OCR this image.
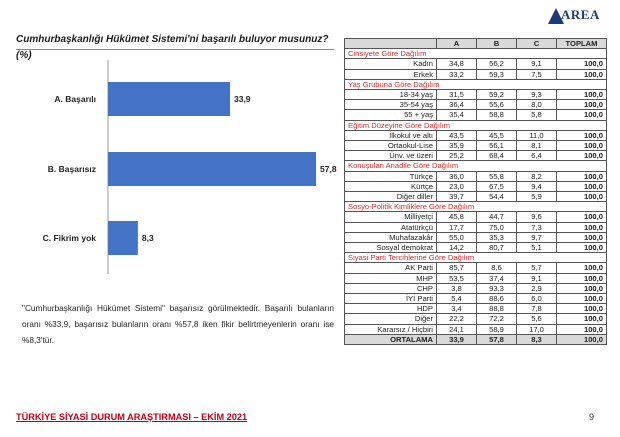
AREA
Cumhurbaşkanlığı Hükümet Sistemi'ni başarılı buluyor musunuz? (%)
A. Başarılı	33,9
B. Başarısız	57,8
C. Fikrim yok	8,3
"Cumhurbaşkanlığı Hükümet Sistemi" başarısız görülmektedir. Başarılı bulanların oranı %33,9, başarısız bulanların oranı %57,8 iken fikir belirtmeyenlerin oranı ise %8,3'tür.
	A	B	C	TOPLAM
Cinsiyete Göre Dağılım				
Kadın	34,8	56,2	9,1	100,0
Erkek	33,2	59,3	7,5	100,0
Yaş Grubuna Göre Dağılım				
18-34 yaş	31,5	59,2	9,3	100,0
35-54 yaş	36,4	55,6	8,0	100,0
55 + yaş	35,4	58,8	5,8	100,0
Eğitim Düzeyine Göre Dağılım				
İlkokul ve altı	43,5	45,5	11,0	100,0
Ortaokul-Lise	35,9	56,1	8,1	100,0
Ünv. ve üzeri	25,2	68,4	6,4	100,0
Konuşulan Anadile Göre Dağılım				
Türkçe	36,0	55,8	8,2	100,0
Kürtçe	23,0	67,5	9,4	100,0
Diğer diller	39,7	54,4	5,9	100,0
Sosyo-Politik Kimliklere Göre Dağılım				
Milliyetçi	45,8	44,7	9,6	100,0
Atatürkçü	17,7	75,0	7,3	100,0
Muhafazakâr	55,0	35,3	9,7	100,0
Sosyal demokrat	14,2	80,7	5,1	100,0
Siyasi Parti Tercihlerine Göre Dağılım				
AK Parti	85,7	8,6	5,7	100,0
MHP	53,5	37,4	9,1	100,0
CHP	3,8	93,3	2,9	100,0
İYİ Parti	5,4	88,6	6,0	100,0
HDP	3,4	88,8	7,8	100,0
Diğer	22,2	72,2	5,6	100,0
Kararsız / Hiçbiri	24,1	58,9	17,0	100,0
ORTALAMA	33,9	57,8	8,3	100,0
TÜRKİYE SİYASİ DURUM ARAŞTIRMASI – EKİM 2021	9
